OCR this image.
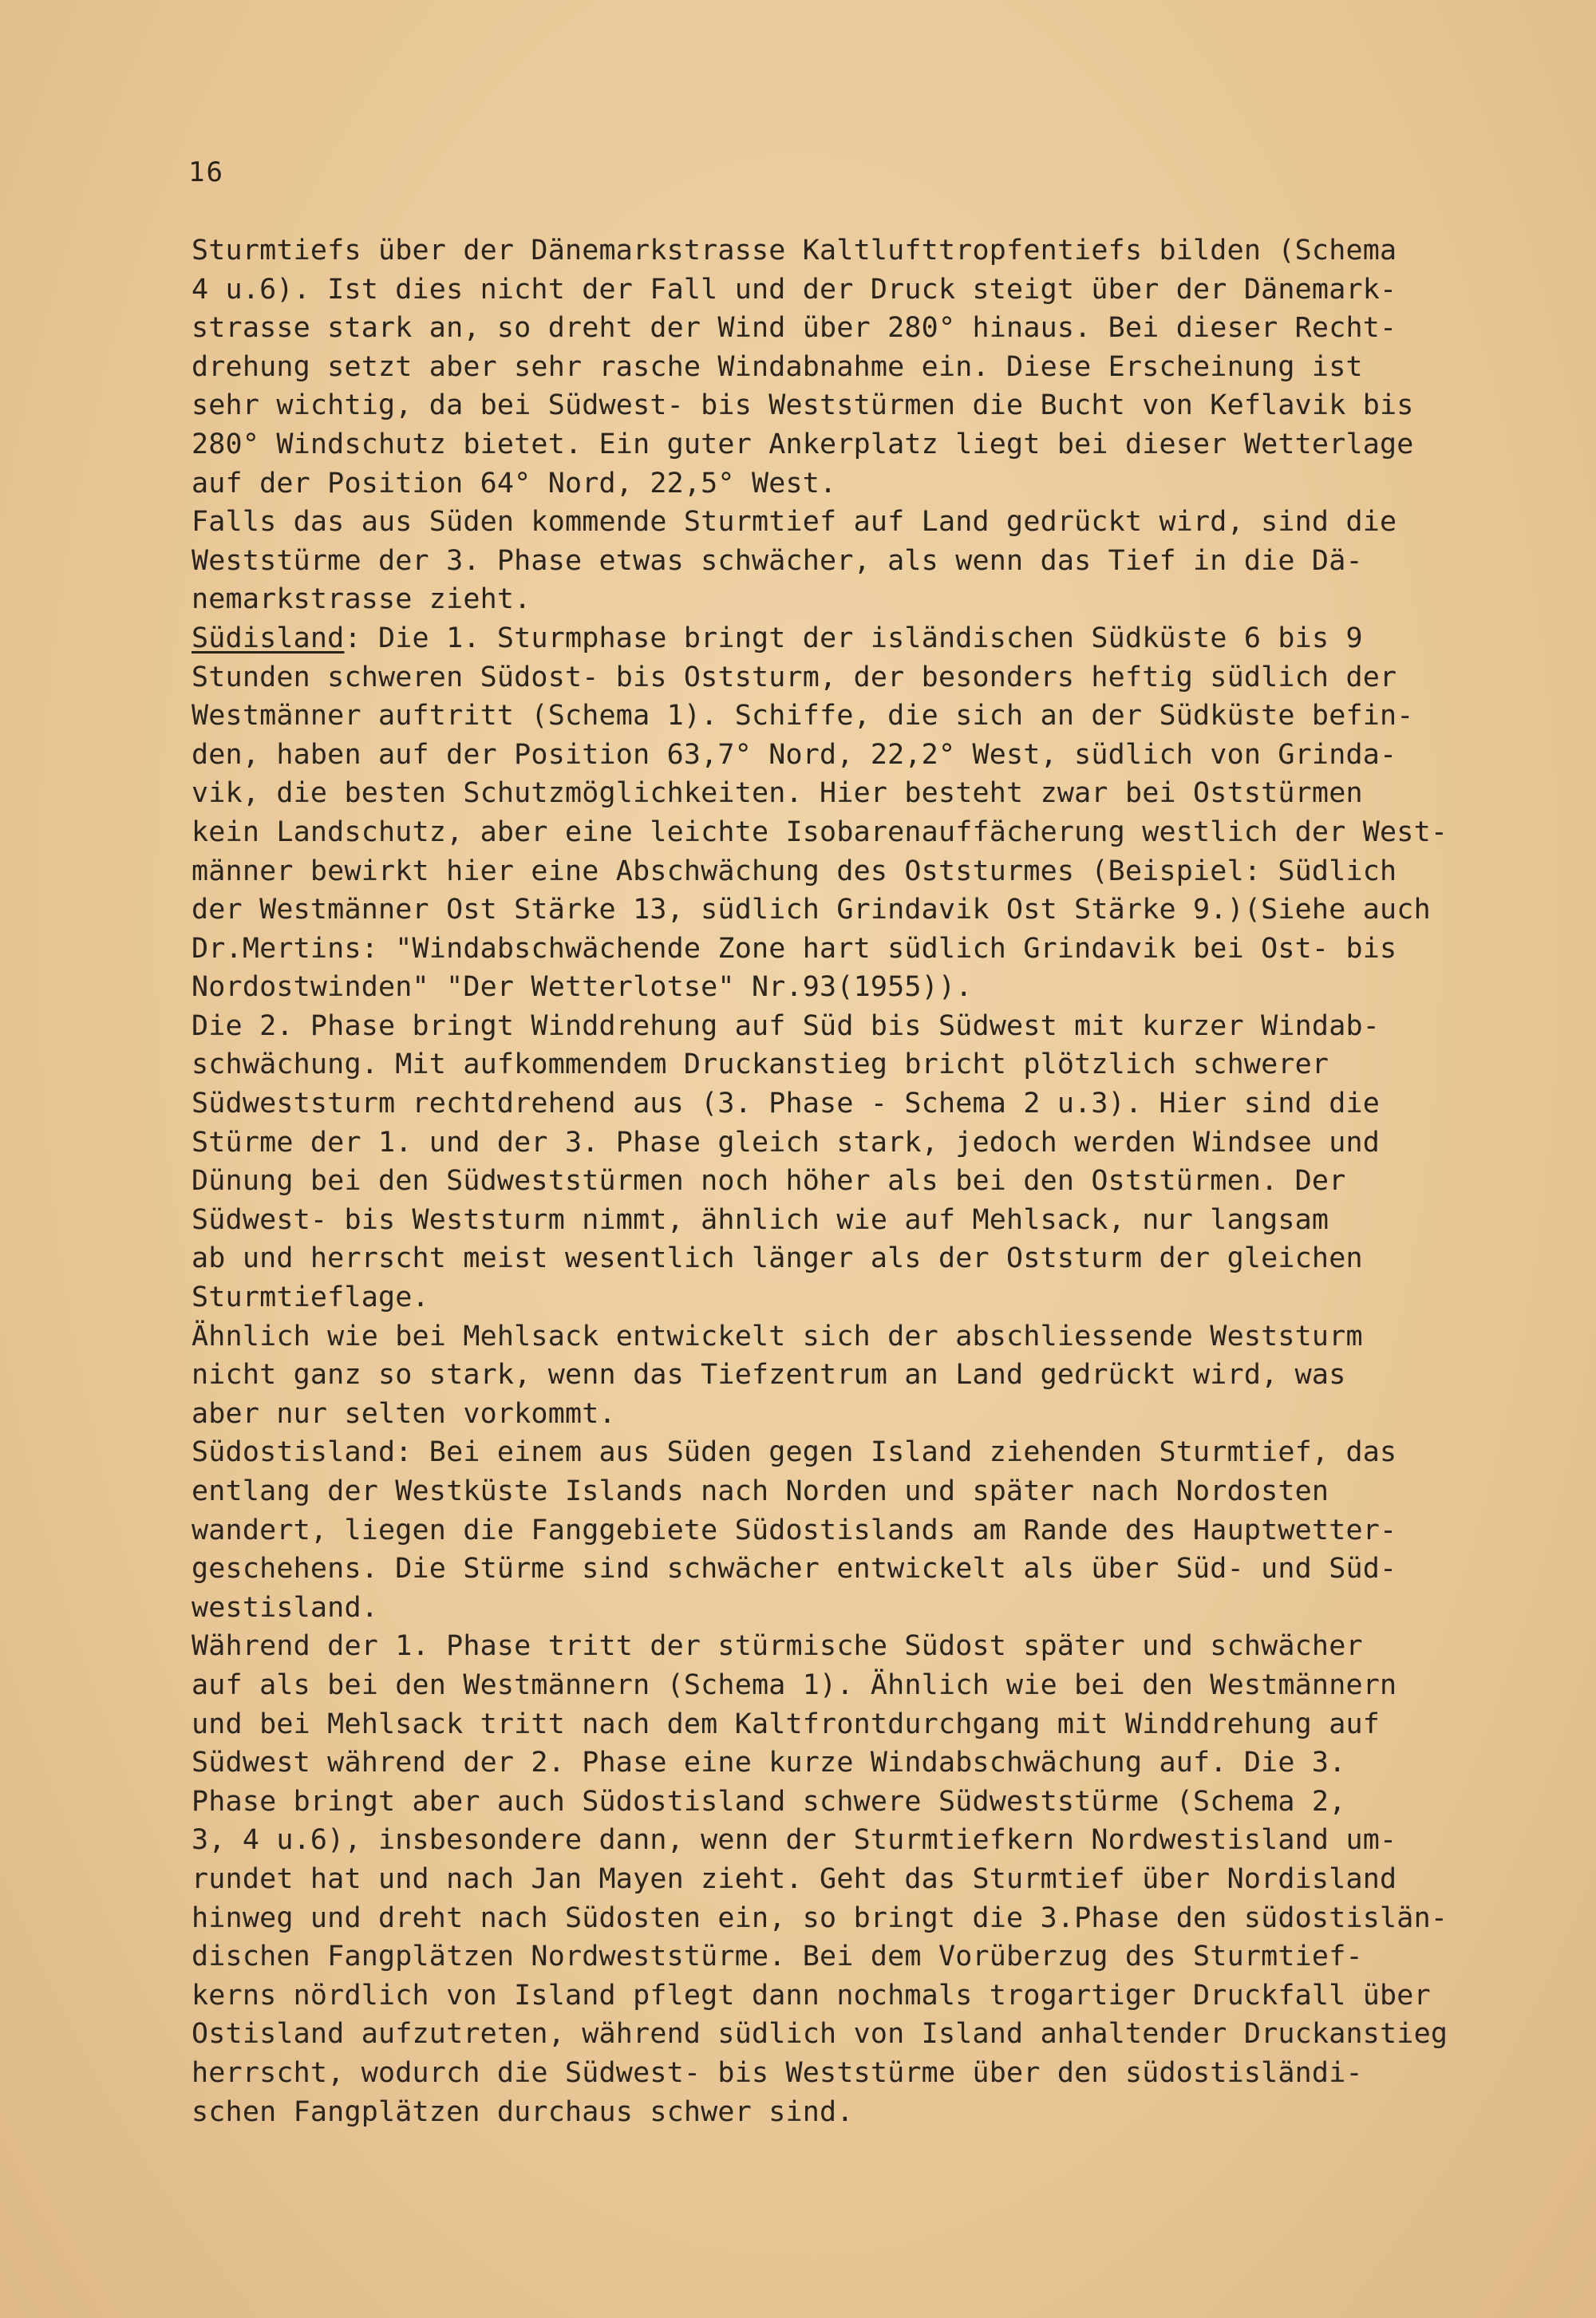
16
Sturmtiefs über der Dänemarkstrasse Kaltlufttropfentiefs bilden (Schema
4 u.6). Ist dies nicht der Fall und der Druck steigt über der Dänemark-
strasse stark an, so dreht der Wind über 280° hinaus. Bei dieser Recht-
drehung setzt aber sehr rasche Windabnahme ein. Diese Erscheinung ist
sehr wichtig, da bei Südwest- bis Weststürmen die Bucht von Keflavik bis
280° Windschutz bietet. Ein guter Ankerplatz liegt bei dieser Wetterlage
auf der Position 64° Nord, 22,5° West.
Falls das aus Süden kommende Sturmtief auf Land gedrückt wird, sind die
Weststürme der 3. Phase etwas schwächer, als wenn das Tief in die Dä-
nemarkstrasse zieht.
Südisland: Die 1. Sturmphase bringt der isländischen Südküste 6 bis 9
Stunden schweren Südost- bis Oststurm, der besonders heftig südlich der
Westmänner auftritt (Schema 1). Schiffe, die sich an der Südküste befin-
den, haben auf der Position 63,7° Nord, 22,2° West, südlich von Grinda-
vik, die besten Schutzmöglichkeiten. Hier besteht zwar bei Oststürmen
kein Landschutz, aber eine leichte Isobarenauffächerung westlich der West-
männer bewirkt hier eine Abschwächung des Oststurmes (Beispiel: Südlich
der Westmänner Ost Stärke 13, südlich Grindavik Ost Stärke 9.)(Siehe auch
Dr.Mertins: "Windabschwächende Zone hart südlich Grindavik bei Ost- bis
Nordostwinden" "Der Wetterlotse" Nr.93(1955)).
Die 2. Phase bringt Winddrehung auf Süd bis Südwest mit kurzer Windab-
schwächung. Mit aufkommendem Druckanstieg bricht plötzlich schwerer
Südweststurm rechtdrehend aus (3. Phase - Schema 2 u.3). Hier sind die
Stürme der 1. und der 3. Phase gleich stark, jedoch werden Windsee und
Dünung bei den Südweststürmen noch höher als bei den Oststürmen. Der
Südwest- bis Weststurm nimmt, ähnlich wie auf Mehlsack, nur langsam
ab und herrscht meist wesentlich länger als der Oststurm der gleichen
Sturmtieflage.
Ähnlich wie bei Mehlsack entwickelt sich der abschliessende Weststurm
nicht ganz so stark, wenn das Tiefzentrum an Land gedrückt wird, was
aber nur selten vorkommt.
Südostisland: Bei einem aus Süden gegen Island ziehenden Sturmtief, das
entlang der Westküste Islands nach Norden und später nach Nordosten
wandert, liegen die Fanggebiete Südostislands am Rande des Hauptwetter-
geschehens. Die Stürme sind schwächer entwickelt als über Süd- und Süd-
westisland.
Während der 1. Phase tritt der stürmische Südost später und schwächer
auf als bei den Westmännern (Schema 1). Ähnlich wie bei den Westmännern
und bei Mehlsack tritt nach dem Kaltfrontdurchgang mit Winddrehung auf
Südwest während der 2. Phase eine kurze Windabschwächung auf. Die 3.
Phase bringt aber auch Südostisland schwere Südweststürme (Schema 2,
3, 4 u.6), insbesondere dann, wenn der Sturmtiefkern Nordwestisland um-
rundet hat und nach Jan Mayen zieht. Geht das Sturmtief über Nordisland
hinweg und dreht nach Südosten ein, so bringt die 3.Phase den südostislän-
dischen Fangplätzen Nordweststürme. Bei dem Vorüberzug des Sturmtief-
kerns nördlich von Island pflegt dann nochmals trogartiger Druckfall über
Ostisland aufzutreten, während südlich von Island anhaltender Druckanstieg
herrscht, wodurch die Südwest- bis Weststürme über den südostisländi-
schen Fangplätzen durchaus schwer sind.
